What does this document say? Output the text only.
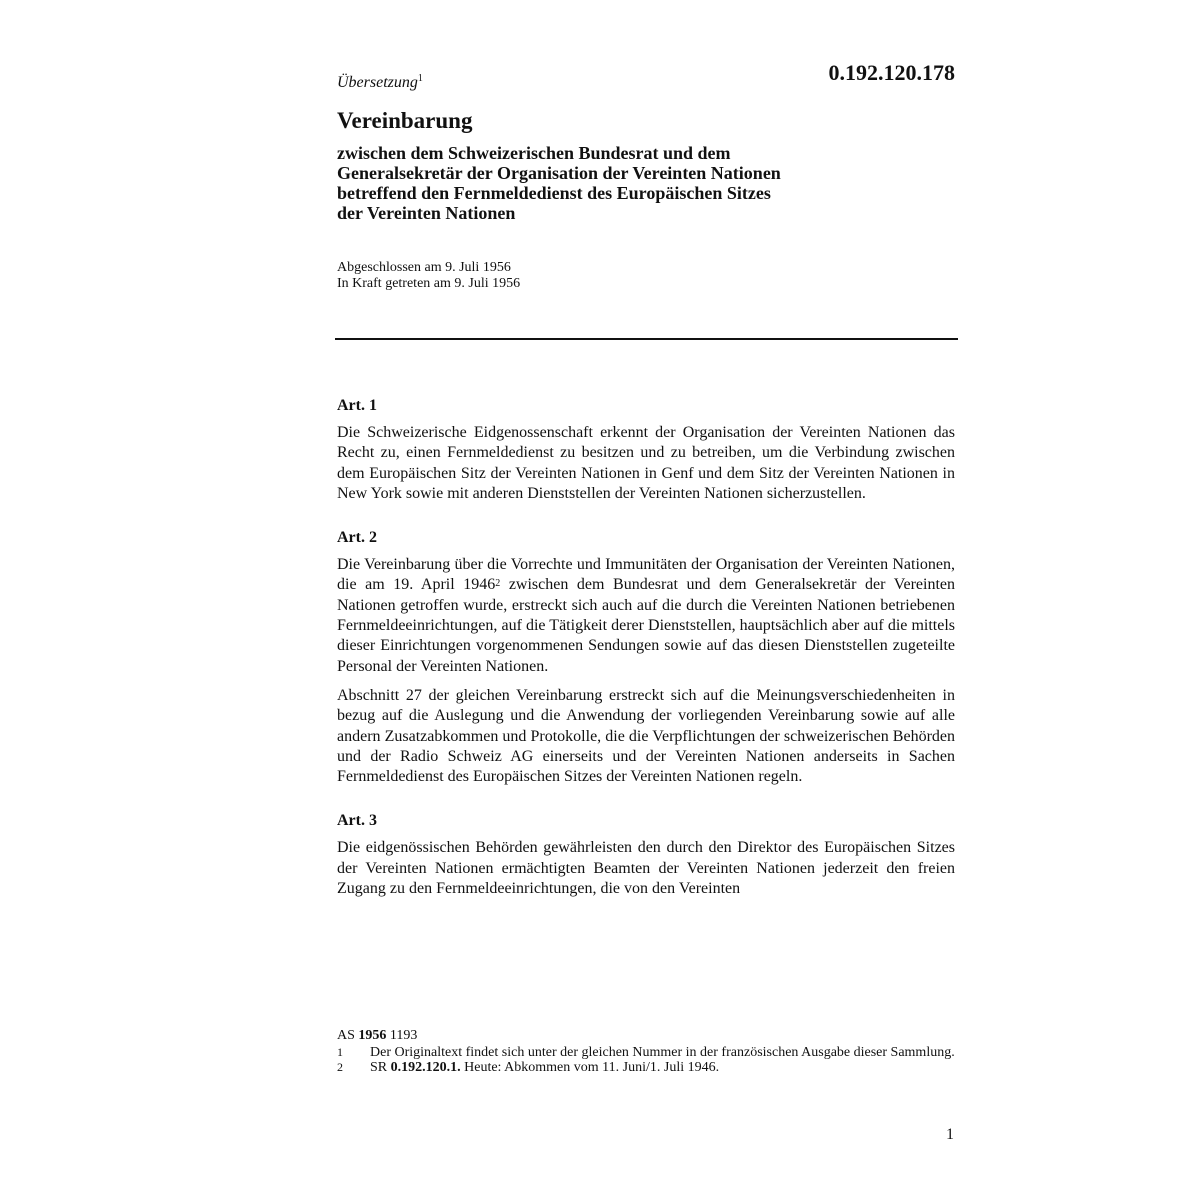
Übersetzung$^1$	0.192.120.178
Vereinbarung
zwischen dem Schweizerischen Bundesrat und dem
Generalsekretär der Organisation der Vereinten Nationen
betreffend den Fernmeldedienst des Europäischen Sitzes
der Vereinten Nationen
Abgeschlossen am 9. Juli 1956
In Kraft getreten am 9. Juli 1956
Art. 1

Die Schweizerische Eidgenossenschaft erkennt der Organisation der Vereinten Nationen das Recht zu, einen Fernmeldedienst zu besitzen und zu betreiben, um die Verbindung zwischen dem Europäischen Sitz der Vereinten Nationen in Genf und dem Sitz der Vereinten Nationen in New York sowie mit anderen Dienststellen der Vereinten Nationen sicherzustellen.

Art. 2

Die Vereinbarung über die Vorrechte und Immunitäten der Organisation der Vereinten Nationen, die am 19. April 1946$^2$ zwischen dem Bundesrat und dem Generalsekretär der Vereinten Nationen getroffen wurde, erstreckt sich auch auf die durch die Vereinten Nationen betriebenen Fernmeldeeinrichtungen, auf die Tätigkeit derer Dienststellen, hauptsächlich aber auf die mittels dieser Einrichtungen vorgenommenen Sendungen sowie auf das diesen Dienststellen zugeteilte Personal der Vereinten Nationen.

Abschnitt 27 der gleichen Vereinbarung erstreckt sich auf die Meinungsverschiedenheiten in bezug auf die Auslegung und die Anwendung der vorliegenden Vereinbarung sowie auf alle andern Zusatzabkommen und Protokolle, die die Verpflichtungen der schweizerischen Behörden und der Radio Schweiz AG einerseits und der Vereinten Nationen anderseits in Sachen Fernmeldedienst des Europäischen Sitzes der Vereinten Nationen regeln.

Art. 3

Die eidgenössischen Behörden gewährleisten den durch den Direktor des Europäischen Sitzes der Vereinten Nationen ermächtigten Beamten der Vereinten Nationen jederzeit den freien Zugang zu den Fernmeldeeinrichtungen, die von den Vereinten

AS 1956 1193
1	Der Originaltext findet sich unter der gleichen Nummer in der französischen Ausgabe dieser Sammlung.
2	SR 0.192.120.1. Heute: Abkommen vom 11. Juni/1. Juli 1946.
1
